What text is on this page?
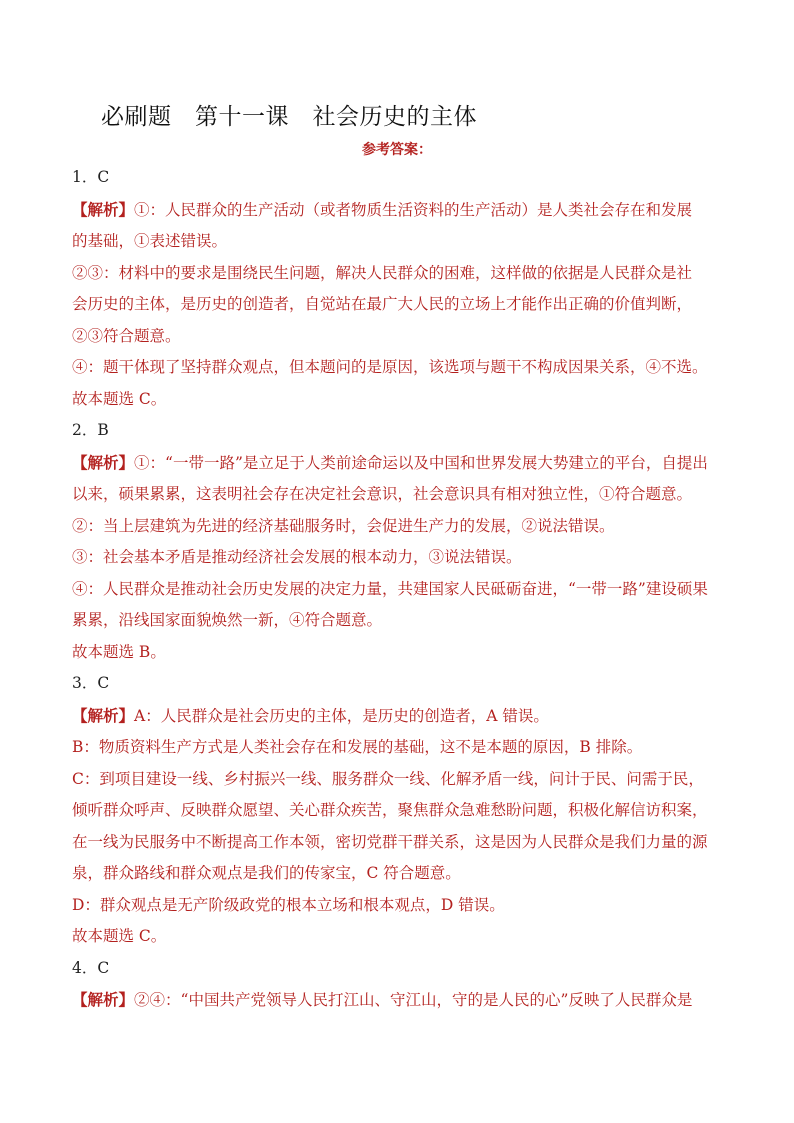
必刷题　第十一课　社会历史的主体
参考答案：
1．C
【解析】①：人民群众的生产活动（或者物质生活资料的生产活动）是人类社会存在和发展
的基础，①表述错误。
②③：材料中的要求是围绕民生问题，解决人民群众的困难，这样做的依据是人民群众是社
会历史的主体，是历史的创造者，自觉站在最广大人民的立场上才能作出正确的价值判断，
②③符合题意。
④：题干体现了坚持群众观点，但本题问的是原因，该选项与题干不构成因果关系，④不选。
故本题选 C。
2．B
【解析】①：“一带一路”是立足于人类前途命运以及中国和世界发展大势建立的平台，自提出
以来，硕果累累，这表明社会存在决定社会意识，社会意识具有相对独立性，①符合题意。
②：当上层建筑为先进的经济基础服务时，会促进生产力的发展，②说法错误。
③：社会基本矛盾是推动经济社会发展的根本动力，③说法错误。
④：人民群众是推动社会历史发展的决定力量，共建国家人民砥砺奋进，“一带一路”建设硕果
累累，沿线国家面貌焕然一新，④符合题意。
故本题选 B。
3．C
【解析】A：人民群众是社会历史的主体，是历史的创造者，A 错误。
B：物质资料生产方式是人类社会存在和发展的基础，这不是本题的原因，B 排除。
C：到项目建设一线、乡村振兴一线、服务群众一线、化解矛盾一线，问计于民、问需于民，
倾听群众呼声、反映群众愿望、关心群众疾苦，聚焦群众急难愁盼问题，积极化解信访积案，
在一线为民服务中不断提高工作本领，密切党群干群关系，这是因为人民群众是我们力量的源
泉，群众路线和群众观点是我们的传家宝，C 符合题意。
D：群众观点是无产阶级政党的根本立场和根本观点，D 错误。
故本题选 C。
4．C
【解析】②④：“中国共产党领导人民打江山、守江山，守的是人民的心”反映了人民群众是
